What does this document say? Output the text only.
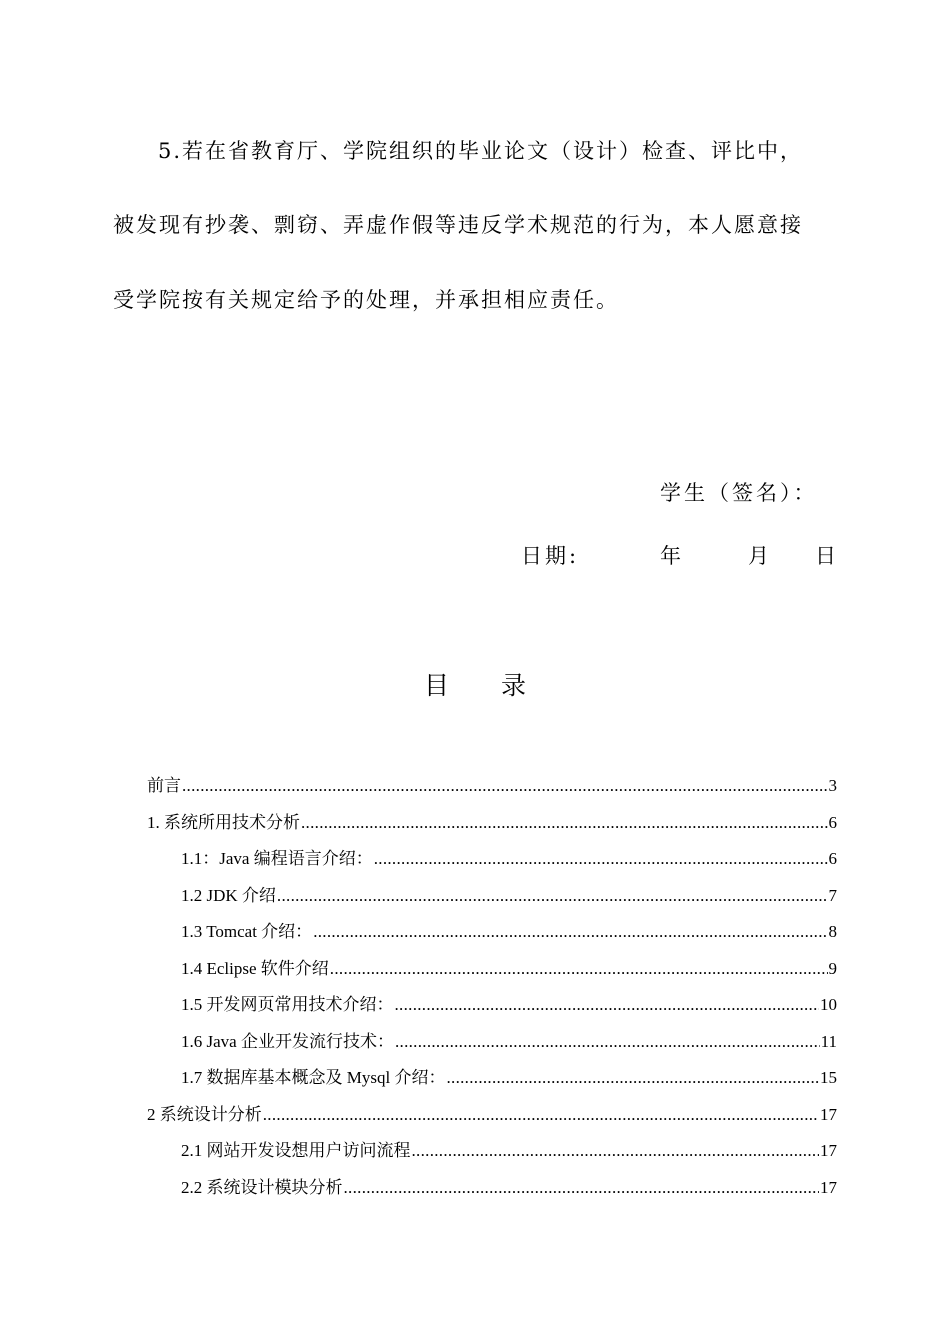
5.若在省教育厅、学院组织的毕业论文（设计）检查、评比中，
被发现有抄袭、剽窃、弄虚作假等违反学术规范的行为，本人愿意接
受学院按有关规定给予的处理，并承担相应责任。
学生（签名）：
日期:	年	月 日
目 录
前言 .....	3
1. 系统所用技术分析 .....	6
1.1：Java 编程语言介绍： .....	6
1.2 JDK 介绍 .....	7
1.3 Tomcat 介绍： .....	8
1.4 Eclipse 软件介绍 .....	9
1.5 开发网页常用技术介绍： .....	10
1.6 Java 企业开发流行技术： .....	11
1.7 数据库基本概念及 Mysql 介绍： .....	15
2 系统设计分析 .....	17
2.1 网站开发设想用户访问流程 .....	17
2.2 系统设计模块分析 .....	17
